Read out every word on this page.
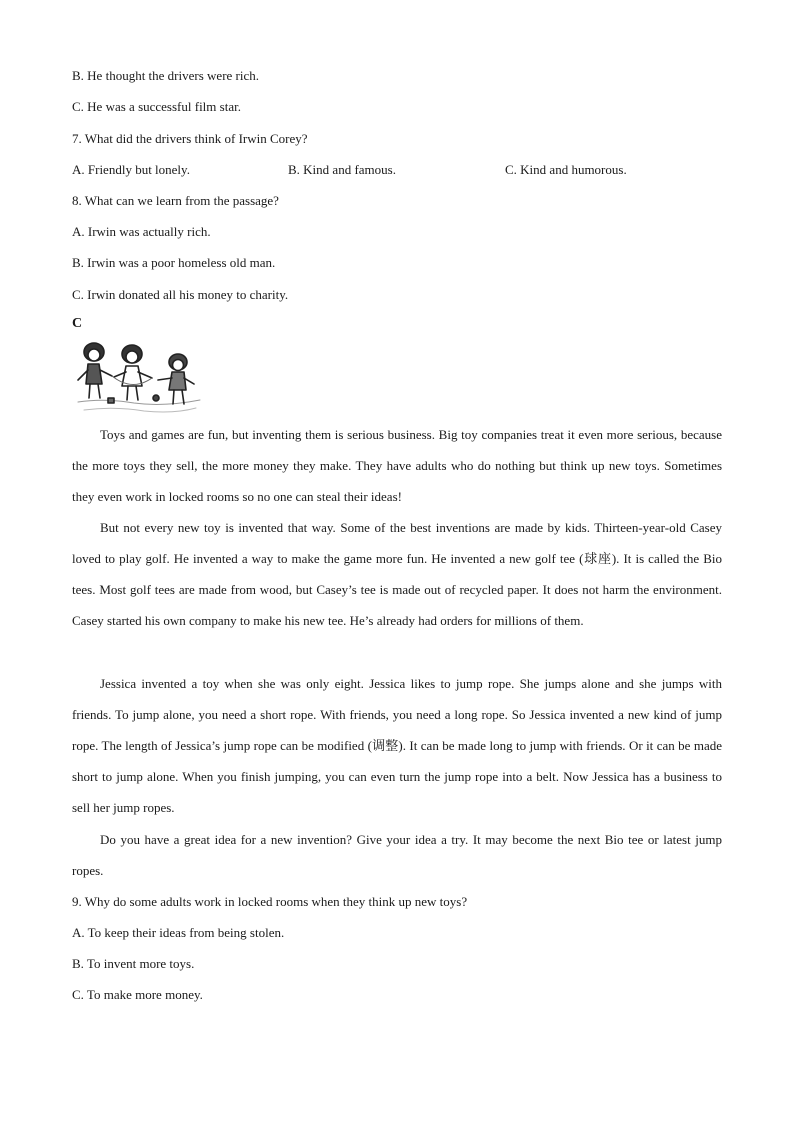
B. He thought the drivers were rich.
C. He was a successful film star.
7. What did the drivers think of Irwin Corey?
A. Friendly but lonely.	B. Kind and famous.	C. Kind and humorous.
8. What can we learn from the passage?
A. Irwin was actually rich.
B. Irwin was a poor homeless old man.
C. Irwin donated all his money to charity.
C

Toys and games are fun, but inventing them is serious business. Big toy companies treat it even more serious, because the more toys they sell, the more money they make. They have adults who do nothing but think up new toys. Sometimes they even work in locked rooms so no one can steal their ideas!

But not every new toy is invented that way. Some of the best inventions are made by kids. Thirteen-year-old Casey loved to play golf. He invented a way to make the game more fun. He invented a new golf tee (球座). It is called the Bio tees. Most golf tees are made from wood, but Casey’s tee is made out of recycled paper. It does not harm the environment. Casey started his own company to make his new tee. He’s already had orders for millions of them.

Jessica invented a toy when she was only eight. Jessica likes to jump rope. She jumps alone and she jumps with friends. To jump alone, you need a short rope. With friends, you need a long rope. So Jessica invented a new kind of jump rope. The length of Jessica’s jump rope can be modified (调整). It can be made long to jump with friends. Or it can be made short to jump alone. When you finish jumping, you can even turn the jump rope into a belt. Now Jessica has a business to sell her jump ropes.

Do you have a great idea for a new invention? Give your idea a try. It may become the next Bio tee or latest jump ropes.

9. Why do some adults work in locked rooms when they think up new toys?
A. To keep their ideas from being stolen.
B. To invent more toys.
C. To make more money.
